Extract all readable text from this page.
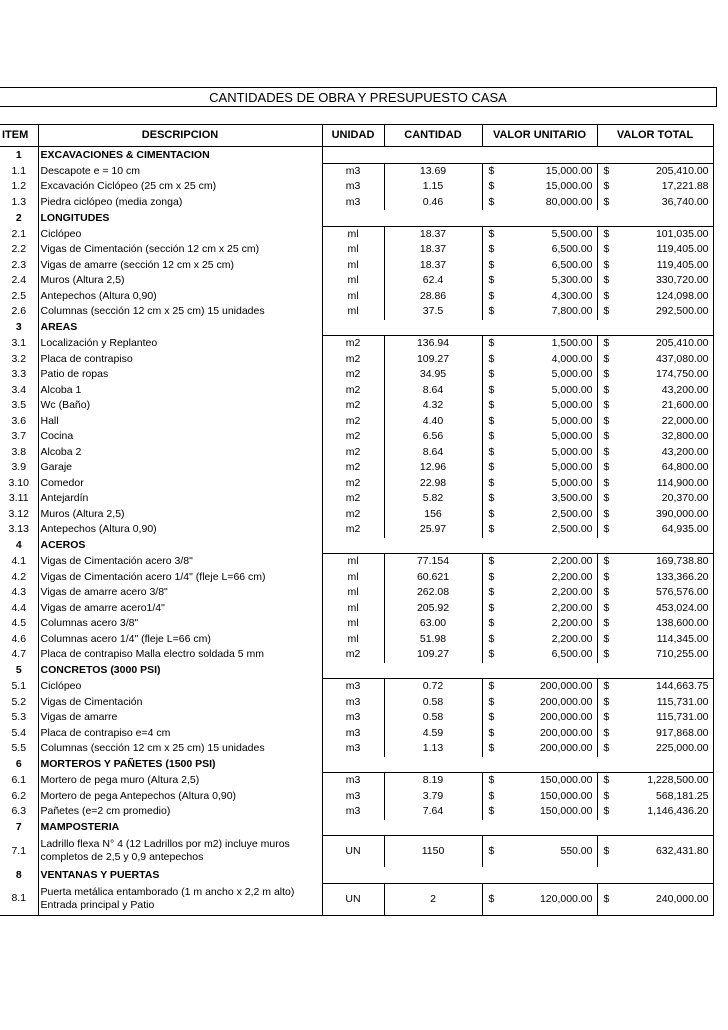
CANTIDADES DE OBRA Y PRESUPUESTO CASA
ITEM	DESCRIPCION	UNIDAD	CANTIDAD	VALOR UNITARIO		VALOR TOTAL	
1	EXCAVACIONES & CIMENTACION						
1.1	Descapote e = 10 cm	m3	13.69	$	15,000.00	$	205,410.00
1.2	Excavación Ciclópeo (25 cm x 25 cm)	m3	1.15	$	15,000.00	$	17,221.88
1.3	Piedra ciclópeo (media zonga)	m3	0.46	$	80,000.00	$	36,740.00
2	LONGITUDES						
2.1	Ciclópeo	ml	18.37	$	5,500.00	$	101,035.00
2.2	Vigas de Cimentación (sección 12 cm x 25 cm)	ml	18.37	$	6,500.00	$	119,405.00
2.3	Vigas de amarre (sección 12 cm x 25 cm)	ml	18.37	$	6,500.00	$	119,405.00
2.4	Muros (Altura 2,5)	ml	62.4	$	5,300.00	$	330,720.00
2.5	Antepechos (Altura 0,90)	ml	28.86	$	4,300.00	$	124,098.00
2.6	Columnas (sección 12 cm x 25 cm) 15 unidades	ml	37.5	$	7,800.00	$	292,500.00
3	AREAS						
3.1	Localización y Replanteo	m2	136.94	$	1,500.00	$	205,410.00
3.2	Placa de contrapiso	m2	109.27	$	4,000.00	$	437,080.00
3.3	Patio de ropas	m2	34.95	$	5,000.00	$	174,750.00
3.4	Alcoba 1	m2	8.64	$	5,000.00	$	43,200.00
3.5	Wc (Baño)	m2	4.32	$	5,000.00	$	21,600.00
3.6	Hall	m2	4.40	$	5,000.00	$	22,000.00
3.7	Cocina	m2	6.56	$	5,000.00	$	32,800.00
3.8	Alcoba 2	m2	8.64	$	5,000.00	$	43,200.00
3.9	Garaje	m2	12.96	$	5,000.00	$	64,800.00
3.10	Comedor	m2	22.98	$	5,000.00	$	114,900.00
3.11	Antejardín	m2	5.82	$	3,500.00	$	20,370.00
3.12	Muros (Altura 2,5)	m2	156	$	2,500.00	$	390,000.00
3.13	Antepechos (Altura 0,90)	m2	25.97	$	2,500.00	$	64,935.00
4	ACEROS						
4.1	Vigas de Cimentación acero 3/8"	ml	77.154	$	2,200.00	$	169,738.80
4.2	Vigas de Cimentación acero 1/4" (fleje L=66 cm)	ml	60.621	$	2,200.00	$	133,366.20
4.3	Vigas de amarre acero 3/8"	ml	262.08	$	2,200.00	$	576,576.00
4.4	Vigas de amarre acero1/4"	ml	205.92	$	2,200.00	$	453,024.00
4.5	Columnas acero 3/8"	ml	63.00	$	2,200.00	$	138,600.00
4.6	Columnas acero 1/4" (fleje L=66 cm)	ml	51.98	$	2,200.00	$	114,345.00
4.7	Placa de contrapiso Malla electro soldada 5 mm	m2	109.27	$	6,500.00	$	710,255.00
5	CONCRETOS (3000 PSI)						
5.1	Ciclópeo	m3	0.72	$	200,000.00	$	144,663.75
5.2	Vigas de Cimentación	m3	0.58	$	200,000.00	$	115,731.00
5.3	Vigas de amarre	m3	0.58	$	200,000.00	$	115,731.00
5.4	Placa de contrapiso e=4 cm	m3	4.59	$	200,000.00	$	917,868.00
5.5	Columnas (sección 12 cm x 25 cm) 15 unidades	m3	1.13	$	200,000.00	$	225,000.00
6	MORTEROS Y PAÑETES (1500 PSI)						
6.1	Mortero de pega muro (Altura 2,5)	m3	8.19	$	150,000.00	$	1,228,500.00
6.2	Mortero de pega Antepechos (Altura 0,90)	m3	3.79	$	150,000.00	$	568,181.25
6.3	Pañetes (e=2 cm promedio)	m3	7.64	$	150,000.00	$	1,146,436.20
7	MAMPOSTERIA						
7.1	Ladrillo flexa N° 4 (12 Ladrillos por m2) incluye muros completos de 2,5 y 0,9 antepechos	UN	1150	$	550.00	$	632,431.80
8	VENTANAS Y PUERTAS						
8.1	Puerta metálica entamborado (1 m ancho x 2,2 m alto) Entrada principal y Patio	UN	2	$	120,000.00	$	240,000.00
